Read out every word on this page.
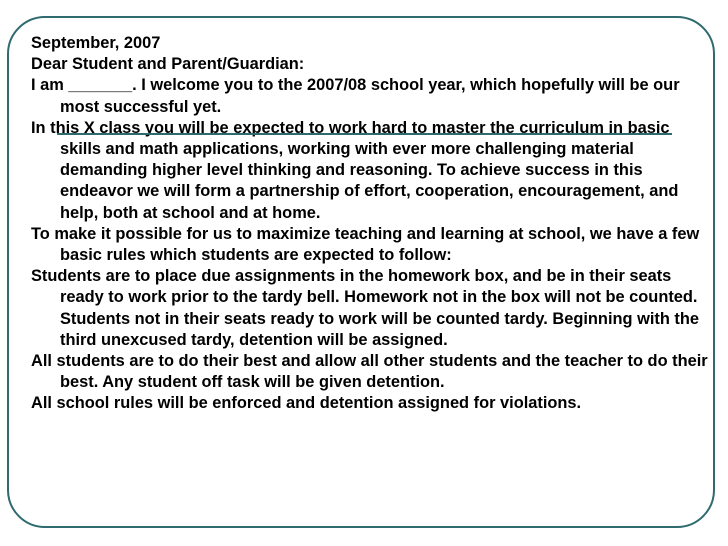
September, 2007

Dear Student and Parent/Guardian:

I am _______. I welcome you to the 2007/08 school year, which hopefully will be our most successful yet.

In this X class you will be expected to work hard to master the curriculum in basic skills and math applications, working with ever more challenging material demanding higher level thinking and reasoning. To achieve success in this endeavor we will form a partnership of effort, cooperation, encouragement, and help, both at school and at home.

To make it possible for us to maximize teaching and learning at school, we have a few basic rules which students are expected to follow:

Students are to place due assignments in the homework box, and be in their seats ready to work prior to the tardy bell. Homework not in the box will not be counted. Students not in their seats ready to work will be counted tardy. Beginning with the third unexcused tardy, detention will be assigned.

All students are to do their best and allow all other students and the teacher to do their best. Any student off task will be given detention.

All school rules will be enforced and detention assigned for violations.
